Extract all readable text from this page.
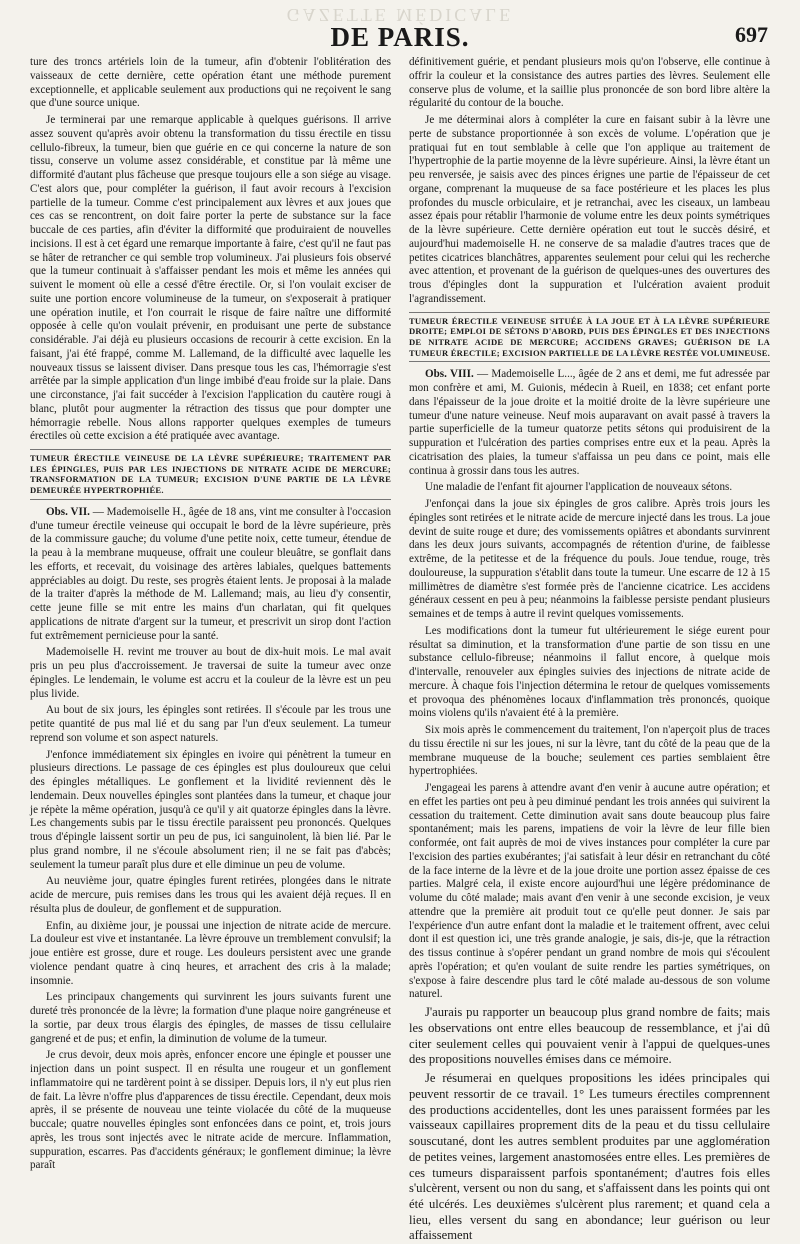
GAZETTE MÉDICALE
DE PARIS.	697

ture des troncs artériels loin de la tumeur, afin d'obtenir l'oblitération des vaisseaux de cette dernière, cette opération étant une méthode purement exceptionnelle, et applicable seulement aux productions qui ne reçoivent le sang que d'une source unique.

Je terminerai par une remarque applicable à quelques guérisons. Il arrive assez souvent qu'après avoir obtenu la transformation du tissu érectile en tissu cellulo-fibreux, la tumeur, bien que guérie en ce qui concerne la nature de son tissu, conserve un volume assez considérable, et constitue par là même une difformité d'autant plus fâcheuse que presque toujours elle a son siége au visage. C'est alors que, pour compléter la guérison, il faut avoir recours à l'excision partielle de la tumeur. Comme c'est principalement aux lèvres et aux joues que ces cas se rencontrent, on doit faire porter la perte de substance sur la face buccale de ces parties, afin d'éviter la difformité que produiraient de nouvelles incisions. Il est à cet égard une remarque importante à faire, c'est qu'il ne faut pas se hâter de retrancher ce qui semble trop volumineux. J'ai plusieurs fois observé que la tumeur continuait à s'affaisser pendant les mois et même les années qui suivent le moment où elle a cessé d'être érectile. Or, si l'on voulait exciser de suite une portion encore volumineuse de la tumeur, on s'exposerait à pratiquer une opération inutile, et l'on courrait le risque de faire naître une difformité opposée à celle qu'on voulait prévenir, en produisant une perte de substance considérable. J'ai déjà eu plusieurs occasions de recourir à cette excision. En la faisant, j'ai été frappé, comme M. Lallemand, de la difficulté avec laquelle les nouveaux tissus se laissent diviser. Dans presque tous les cas, l'hémorragie s'est arrêtée par la simple application d'un linge imbibé d'eau froide sur la plaie. Dans une circonstance, j'ai fait succéder à l'excision l'application du cautère rougi à blanc, plutôt pour augmenter la rétraction des tissus que pour dompter une hémorragie rebelle. Nous allons rapporter quelques exemples de tumeurs érectiles où cette excision a été pratiquée avec avantage.

TUMEUR ÉRECTILE VEINEUSE DE LA LÈVRE SUPÉRIEURE; TRAITEMENT PAR LES ÉPINGLES, PUIS PAR LES INJECTIONS DE NITRATE ACIDE DE MERCURE; TRANSFORMATION DE LA TUMEUR; EXCISION D'UNE PARTIE DE LA LÈVRE DEMEURÉE HYPERTROPHIÉE.

Obs. VII. — Mademoiselle H., âgée de 18 ans, vint me consulter à l'occasion d'une tumeur érectile veineuse qui occupait le bord de la lèvre supérieure, près de la commissure gauche; du volume d'une petite noix, cette tumeur, étendue de la peau à la membrane muqueuse, offrait une couleur bleuâtre, se gonflait dans les efforts, et recevait, du voisinage des artères labiales, quelques battements appréciables au doigt. Du reste, ses progrès étaient lents. Je proposai à la malade de la traiter d'après la méthode de M. Lallemand; mais, au lieu d'y consentir, cette jeune fille se mit entre les mains d'un charlatan, qui fit quelques applications de nitrate d'argent sur la tumeur, et prescrivit un sirop dont l'action fut extrêmement pernicieuse pour la santé.

Mademoiselle H. revint me trouver au bout de dix-huit mois. Le mal avait pris un peu plus d'accroissement. Je traversai de suite la tumeur avec onze épingles. Le lendemain, le volume est accru et la couleur de la lèvre est un peu plus livide.

Au bout de six jours, les épingles sont retirées. Il s'écoule par les trous une petite quantité de pus mal lié et du sang par l'un d'eux seulement. La tumeur reprend son volume et son aspect naturels.

J'enfonce immédiatement six épingles en ivoire qui pénètrent la tumeur en plusieurs directions. Le passage de ces épingles est plus douloureux que celui des épingles métalliques. Le gonflement et la lividité reviennent dès le lendemain. Deux nouvelles épingles sont plantées dans la tumeur, et chaque jour je répète la même opération, jusqu'à ce qu'il y ait quatorze épingles dans la lèvre. Les changements subis par le tissu érectile paraissent peu prononcés. Quelques trous d'épingle laissent sortir un peu de pus, ici sanguinolent, là bien lié. Par le plus grand nombre, il ne s'écoule absolument rien; il ne se fait pas d'abcès; seulement la tumeur paraît plus dure et elle diminue un peu de volume.

Au neuvième jour, quatre épingles furent retirées, plongées dans le nitrate acide de mercure, puis remises dans les trous qui les avaient déjà reçues. Il en résulta plus de douleur, de gonflement et de suppuration.

Enfin, au dixième jour, je poussai une injection de nitrate acide de mercure. La douleur est vive et instantanée. La lèvre éprouve un tremblement convulsif; la joue entière est grosse, dure et rouge. Les douleurs persistent avec une grande violence pendant quatre à cinq heures, et arrachent des cris à la malade; insomnie.

Les principaux changements qui survinrent les jours suivants furent une dureté très prononcée de la lèvre; la formation d'une plaque noire gangréneuse et la sortie, par deux trous élargis des épingles, de masses de tissu cellulaire gangrené et de pus; et enfin, la diminution de volume de la tumeur.

Je crus devoir, deux mois après, enfoncer encore une épingle et pousser une injection dans un point suspect. Il en résulta une rougeur et un gonflement inflammatoire qui ne tardèrent point à se dissiper. Depuis lors, il n'y eut plus rien de fait. La lèvre n'offre plus d'apparences de tissu érectile. Cependant, deux mois après, il se présente de nouveau une teinte violacée du côté de la muqueuse buccale; quatre nouvelles épingles sont enfoncées dans ce point, et, trois jours après, les trous sont injectés avec le nitrate acide de mercure. Inflammation, suppuration, escarres. Pas d'accidents généraux; le gonflement diminue; la lèvre paraît

définitivement guérie, et pendant plusieurs mois qu'on l'observe, elle continue à offrir la couleur et la consistance des autres parties des lèvres. Seulement elle conserve plus de volume, et la saillie plus prononcée de son bord libre altère la régularité du contour de la bouche.

Je me déterminai alors à compléter la cure en faisant subir à la lèvre une perte de substance proportionnée à son excès de volume. L'opération que je pratiquai fut en tout semblable à celle que l'on applique au traitement de l'hypertrophie de la partie moyenne de la lèvre supérieure. Ainsi, la lèvre étant un peu renversée, je saisis avec des pinces érignes une partie de l'épaisseur de cet organe, comprenant la muqueuse de sa face postérieure et les places les plus profondes du muscle orbiculaire, et je retranchai, avec les ciseaux, un lambeau assez épais pour rétablir l'harmonie de volume entre les deux points symétriques de la lèvre supérieure. Cette dernière opération eut tout le succès désiré, et aujourd'hui mademoiselle H. ne conserve de sa maladie d'autres traces que de petites cicatrices blanchâtres, apparentes seulement pour celui qui les recherche avec attention, et provenant de la guérison de quelques-unes des ouvertures des trous d'épingles dont la suppuration et l'ulcération avaient produit l'agrandissement.

TUMEUR ÉRECTILE VEINEUSE SITUÉE À LA JOUE ET À LA LÈVRE SUPÉRIEURE DROITE; EMPLOI DE SÉTONS D'ABORD, PUIS DES ÉPINGLES ET DES INJECTIONS DE NITRATE ACIDE DE MERCURE; ACCIDENS GRAVES; GUÉRISON DE LA TUMEUR ÉRECTILE; EXCISION PARTIELLE DE LA LÈVRE RESTÉE VOLUMINEUSE.

Obs. VIII. — Mademoiselle L..., âgée de 2 ans et demi, me fut adressée par mon confrère et ami, M. Guionis, médecin à Rueil, en 1838; cet enfant porte dans l'épaisseur de la joue droite et la moitié droite de la lèvre supérieure une tumeur d'une nature veineuse. Neuf mois auparavant on avait passé à travers la partie superficielle de la tumeur quatorze petits sétons qui produisirent de la suppuration et l'ulcération des parties comprises entre eux et la peau. Après la cicatrisation des plaies, la tumeur s'affaissa un peu dans ce point, mais elle continua à grossir dans tous les autres.

Une maladie de l'enfant fit ajourner l'application de nouveaux sétons.

J'enfonçai dans la joue six épingles de gros calibre. Après trois jours les épingles sont retirées et le nitrate acide de mercure injecté dans les trous. La joue devint de suite rouge et dure; des vomissements opiâtres et abondants survinrent dans les deux jours suivants, accompagnés de rétention d'urine, de faiblesse extrême, de la petitesse et de la fréquence du pouls. Joue tendue, rouge, très douloureuse, la suppuration s'établit dans toute la tumeur. Une escarre de 12 à 15 millimètres de diamètre s'est formée près de l'ancienne cicatrice. Les accidens généraux cessent en peu à peu; néanmoins la faiblesse persiste pendant plusieurs semaines et de temps à autre il revint quelques vomissements.

Les modifications dont la tumeur fut ultérieurement le siége eurent pour résultat sa diminution, et la transformation d'une partie de son tissu en une substance cellulo-fibreuse; néanmoins il fallut encore, à quelque mois d'intervalle, renouveler aux épingles suivies des injections de nitrate acide de mercure. À chaque fois l'injection détermina le retour de quelques vomissements et provoqua des phénomènes locaux d'inflammation très prononcés, quoique moins violens qu'ils n'avaient été à la première.

Six mois après le commencement du traitement, l'on n'aperçoit plus de traces du tissu érectile ni sur les joues, ni sur la lèvre, tant du côté de la peau que de la membrane muqueuse de la bouche; seulement ces parties semblaient être hypertrophiées.

J'engageai les parens à attendre avant d'en venir à aucune autre opération; et en effet les parties ont peu à peu diminué pendant les trois années qui suivirent la cessation du traitement. Cette diminution avait sans doute beaucoup plus faire spontanément; mais les parens, impatiens de voir la lèvre de leur fille bien conformée, ont fait auprès de moi de vives instances pour compléter la cure par l'excision des parties exubérantes; j'ai satisfait à leur désir en retranchant du côté de la face interne de la lèvre et de la joue droite une portion assez épaisse de ces parties. Malgré cela, il existe encore aujourd'hui une légère prédominance de volume du côté malade; mais avant d'en venir à une seconde excision, je veux attendre que la première ait produit tout ce qu'elle peut donner. Je sais par l'expérience d'un autre enfant dont la maladie et le traitement offrent, avec celui dont il est question ici, une très grande analogie, je sais, dis-je, que la rétraction des tissus continue à s'opérer pendant un grand nombre de mois qui s'écoulent après l'opération; et qu'en voulant de suite rendre les parties symétriques, on s'expose à faire descendre plus tard le côté malade au-dessous de son volume naturel.

J'aurais pu rapporter un beaucoup plus grand nombre de faits; mais les observations ont entre elles beaucoup de ressemblance, et j'ai dû citer seulement celles qui pouvaient venir à l'appui de quelques-unes des propositions nouvelles émises dans ce mémoire.

Je résumerai en quelques propositions les idées principales qui peuvent ressortir de ce travail. 1° Les tumeurs érectiles comprennent des productions accidentelles, dont les unes paraissent formées par les vaisseaux capillaires proprement dits de la peau et du tissu cellulaire souscutané, dont les autres semblent produites par une agglomération de petites veines, largement anastomosées entre elles. Les premières de ces tumeurs disparaissent parfois spontanément; d'autres fois elles s'ulcèrent, versent ou non du sang, et s'affaissent dans les points qui ont été ulcérés. Les deuxièmes s'ulcèrent plus rarement; et quand cela a lieu, elles versent du sang en abondance; leur guérison ou leur affaissement
